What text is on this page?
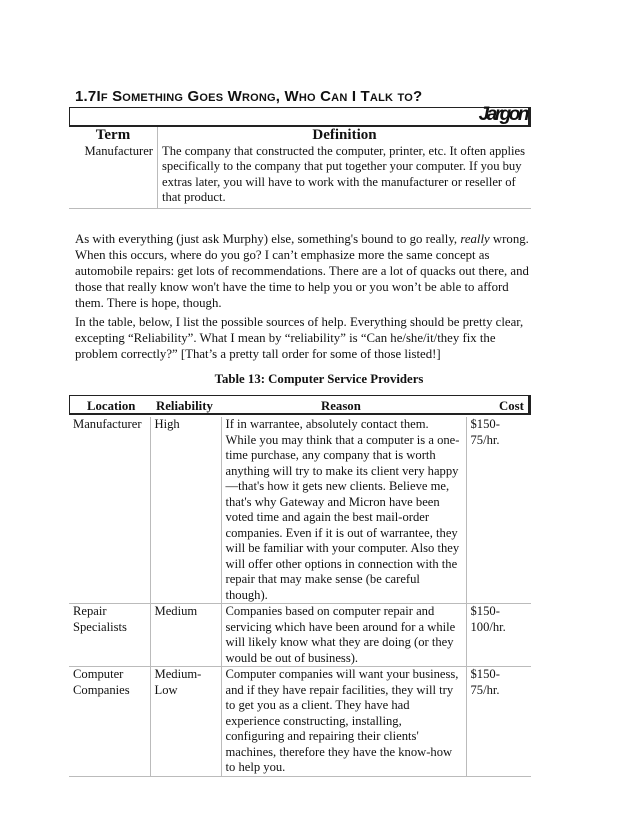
1.7If Something Goes Wrong, Who Can I Talk to?
Jargon
Term	Definition
Manufacturer	The company that constructed the computer, printer, etc. It often applies specifically to the company that put together your computer. If you buy extras later, you will have to work with the manufacturer or reseller of that product.

As with everything (just ask Murphy) else, something's bound to go really, really wrong. When this occurs, where do you go? I can’t emphasize more the same concept as automobile repairs: get lots of recommendations. There are a lot of quacks out there, and those that really know won't have the time to help you or you won’t be able to afford them. There is hope, though.

In the table, below, I list the possible sources of help. Everything should be pretty clear, excepting “Reliability”. What I mean by “reliability” is “Can he/she/it/they fix the problem correctly?” [That’s a pretty tall order for some of those listed!]

Table 13: Computer Service Providers
Location Reliability	Reason	Cost
Manufacturer	High	If in warrantee, absolutely contact them. While you may think that a computer is a one-time purchase, any company that is worth anything will try to make its client very happy—that's how it gets new clients. Believe me, that's why Gateway and Micron have been voted time and again the best mail-order companies. Even if it is out of warrantee, they will be familiar with your computer. Also they will offer other options in connection with the repair that may make sense (be careful though).	$150-75/hr.
Repair Specialists	Medium	Companies based on computer repair and servicing which have been around for a while will likely know what they are doing (or they would be out of business).	$150-100/hr.
Computer Companies	Medium-Low	Computer companies will want your business, and if they have repair facilities, they will try to get you as a client. They have had experience constructing, installing, configuring and repairing their clients' machines, therefore they have the know-how to help you.	$150-75/hr.
